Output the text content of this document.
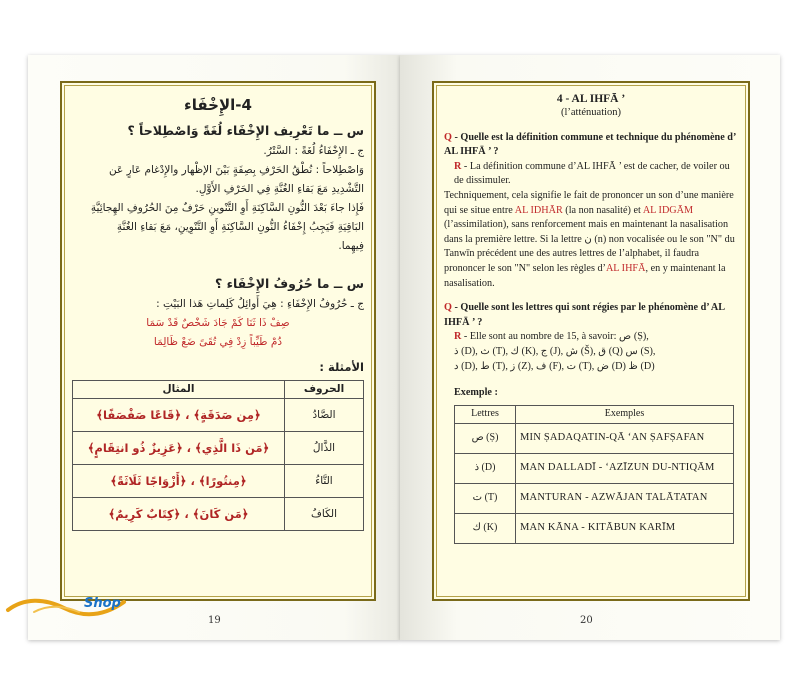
4-الإِخْفَاء
س ــ ما تَعْرِيف الإِخْفَاء لُغَةً وَاصْطِلاحاً ؟

ج ـ الإِخْفَاءُ لُغَةً : السَّتْرُ.

وَاصْطِلاحاً : نُطْقُ الحَرْفِ بِصِفَةٍ بَيْنَ الإظْهار والإِدْغام عَارٍ عَن

التَّشْدِيدِ مَعَ بَقاءِ الغُنَّةِ فِي الحَرْفِ الأَوَّلِ.

فَإِذا جاءَ بَعْدَ النُّونِ السَّاكِنَةِ أَوِ التَّنْوينِ حَرْفٌ مِنَ الحُرُوفِ الهِجائِيَّةِ

البَاقِيَةِ فَيَجِبُ إِخْفَاءُ النُّونِ السَّاكِنَةِ أَوِ التَّنْوِينِ، مَعَ بَقاءِ الغُنَّةِ

فِيهِما.

س ــ ما حُرُوفُ الإِخْفَاء ؟

ج ـ حُرُوفُ الإِخْفَاءِ : هِيَ أَوائِلُ كَلِماتِ هَذا البَيْتِ :

صِفْ ذَا ثَنَا كَمْ جَادَ شَخْصٌ قَدْ سَمَا

دُمْ طَيِّباً زِدْ فِي تُقَىً ضَعْ ظَالِمَا

الأمثلة :
الحروف	المثال
الصَّادُ	﴿مِن صَدَقَةٍ﴾ ، ﴿قَاعًا صَفْصَفًا﴾
الذَّالُ	﴿مَن ذَا الَّذِي﴾ ، ﴿عَزِيزٌ ذُو انتِقَامٍ﴾
التَّاءُ	﴿مِنتُورًا﴾ ، ﴿أَزْوَاجًا ثَلَاثَةً﴾
الكَافُ	﴿مَن كَانَ﴾ ، ﴿كِتَابٌ كَرِيمٌ﴾
19
4 - AL IHFĀ ’
(l’atténuation)

Q - Quelle est la définition commune et technique du phénomène d’ AL IHFĀ ’ ?

R - La définition commune d’AL IHFĀ ’ est de cacher, de voiler ou de dissimuler.

Techniquement, cela signifie le fait de prononcer un son d’une manière qui se situe entre AL IDHĀR (la non nasalité) et AL IDGĀM (l’assimilation), sans renforcement mais en maintenant la nasalisation dans la première lettre. Si la lettre ن (n) non vocalisée ou le son "N" du Tanwīn précédent une des autres lettres de l’alphabet, il faudra prononcer le son "N" selon les règles d’AL IHFĀ, en y maintenant la nasalisation.

Q - Quelle sont les lettres qui sont régies par le phénomène d’ AL IHFĀ ’ ?

R - Elle sont au nombre de 15, à savoir: ص (Ṣ),

ذ (D), ث (T), ك (K), ج (J), ش (Š), ق (Q) س (S),

د (D), ط (T), ز (Z), ف (F), ت (T), ض (D) ظ (D)

Exemple :
Lettres	Exemples
ص (Ṣ)	MIN ṢADAQATIN-QĀ ‘AN ṢAFṢAFAN
ذ (D)	MAN DALLADĪ - ‘AZĪZUN DU-NTIQĀM
ت (T)	MANTURAN - AZWĀJAN TALĀTATAN
ك (K)	MAN KĀNA - KITĀBUN KARĪM
20
Shop
